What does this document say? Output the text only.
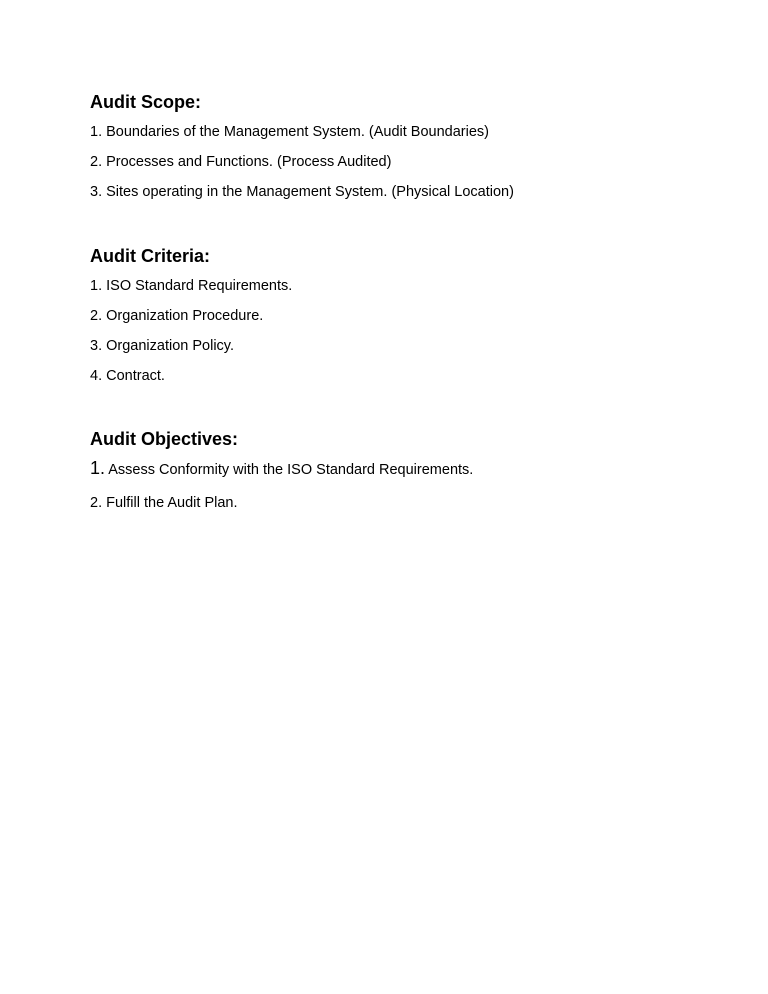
Audit Scope:
1. Boundaries of the Management System. (Audit Boundaries)
2. Processes and Functions. (Process Audited)
3. Sites operating in the Management System. (Physical Location)
Audit Criteria:
1. ISO Standard Requirements.
2. Organization Procedure.
3. Organization Policy.
4. Contract.
Audit Objectives:
1. Assess Conformity with the ISO Standard Requirements.
2. Fulfill the Audit Plan.
